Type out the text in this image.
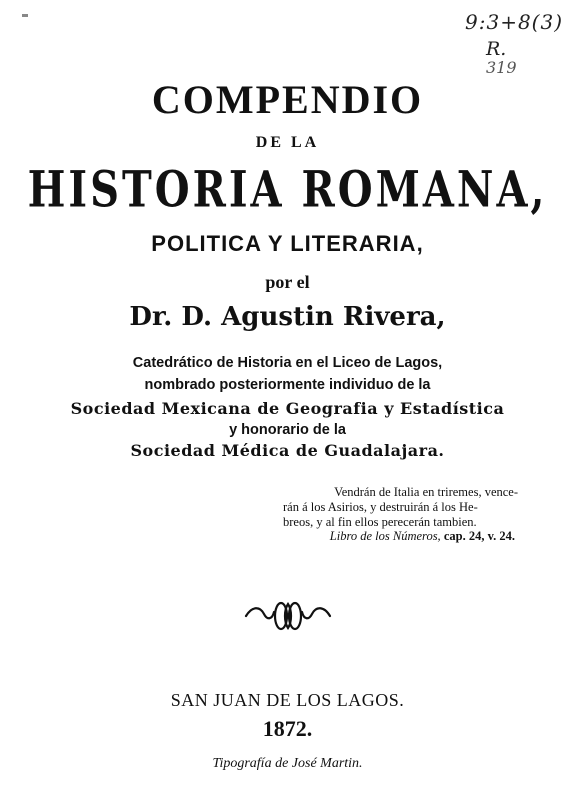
9:3+8(3)
R.
319
COMPENDIO
DE LA
HISTORIA ROMANA,
POLITICA Y LITERARIA,
por el
Dr. D. Agustin Rivera,
Catedrático de Historia en el Liceo de Lagos,
nombrado posteriormente individuo de la
Sociedad Mexicana de Geografia y Estadística
y honorario de la
Sociedad Médica de Guadalajara.
Vendrán de Italia en triremes, vence-
rán á los Asirios, y destruirán á los He-
breos, y al fin ellos perecerán tambien.
Libro de los Números, cap. 24, v. 24.
SAN JUAN DE LOS LAGOS.
1872.
Tipografía de José Martin.
